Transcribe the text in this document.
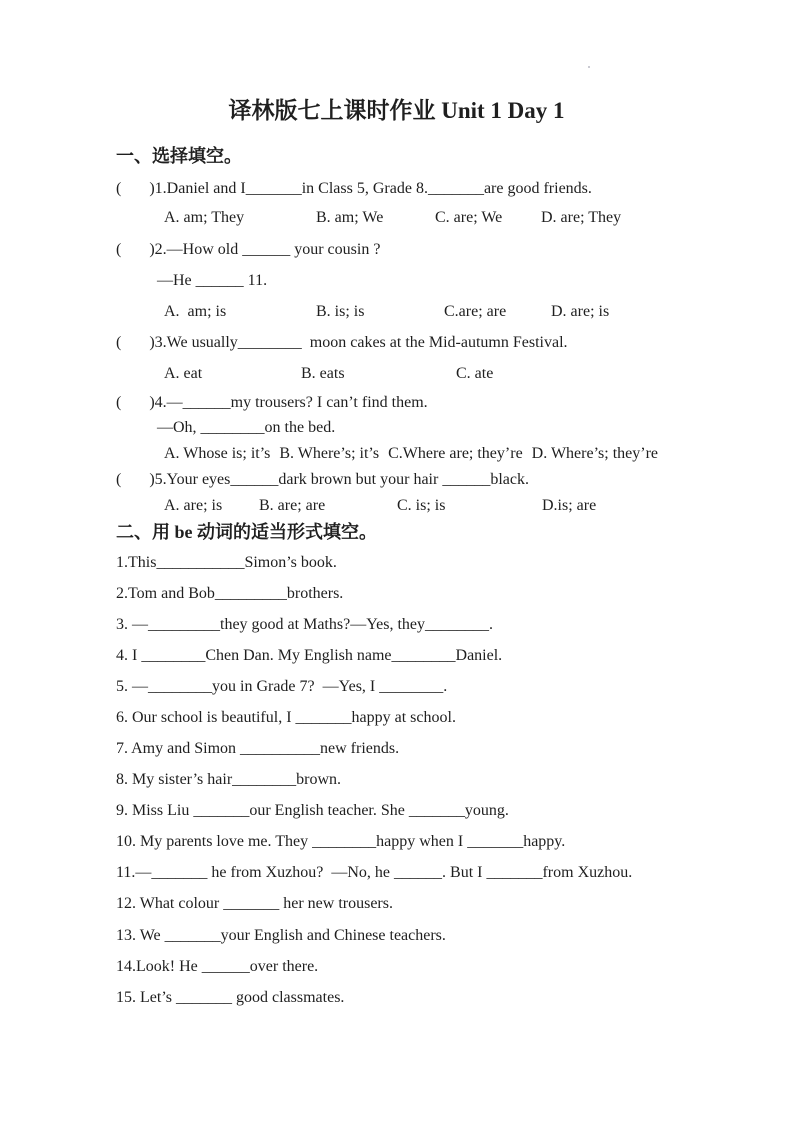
译林版七上课时作业 Unit 1 Day 1
一、选择填空。
(       )1.Daniel and I_______in Class 5, Grade 8._______are good friends.
A. am; They	B. am; We	C. are; We	D. are; They
(       )2.—How old ______ your cousin ?
—He ______ 11.
A.  am; is	B. is; is	C.are; are	D. are; is
(       )3.We usually________  moon cakes at the Mid-autumn Festival.
A. eat	B. eats	C. ate
(       )4.—______my trousers? I can’t find them.
—Oh, ________on the bed.
A. Whose is; it’s B. Where’s; it’s C.Where are; they’re D. Where’s; they’re
(       )5.Your eyes______dark brown but your hair ______black.
A. are; is	B. are; are	C. is; is	D.is; are
二、用 be 动词的适当形式填空。
1.This___________Simon’s book.
2.Tom and Bob_________brothers.
3. —_________they good at Maths?—Yes, they________.
4. I ________Chen Dan. My English name________Daniel.
5. —________you in Grade 7?  —Yes, I ________.
6. Our school is beautiful, I _______happy at school.
7. Amy and Simon __________new friends.
8. My sister’s hair________brown.
9. Miss Liu _______our English teacher. She _______young.
10. My parents love me. They ________happy when I _______happy.
11.—_______ he from Xuzhou?  —No, he ______. But I _______from Xuzhou.
12. What colour _______ her new trousers.
13. We _______your English and Chinese teachers.
14.Look! He ______over there.
15. Let’s _______ good classmates.
